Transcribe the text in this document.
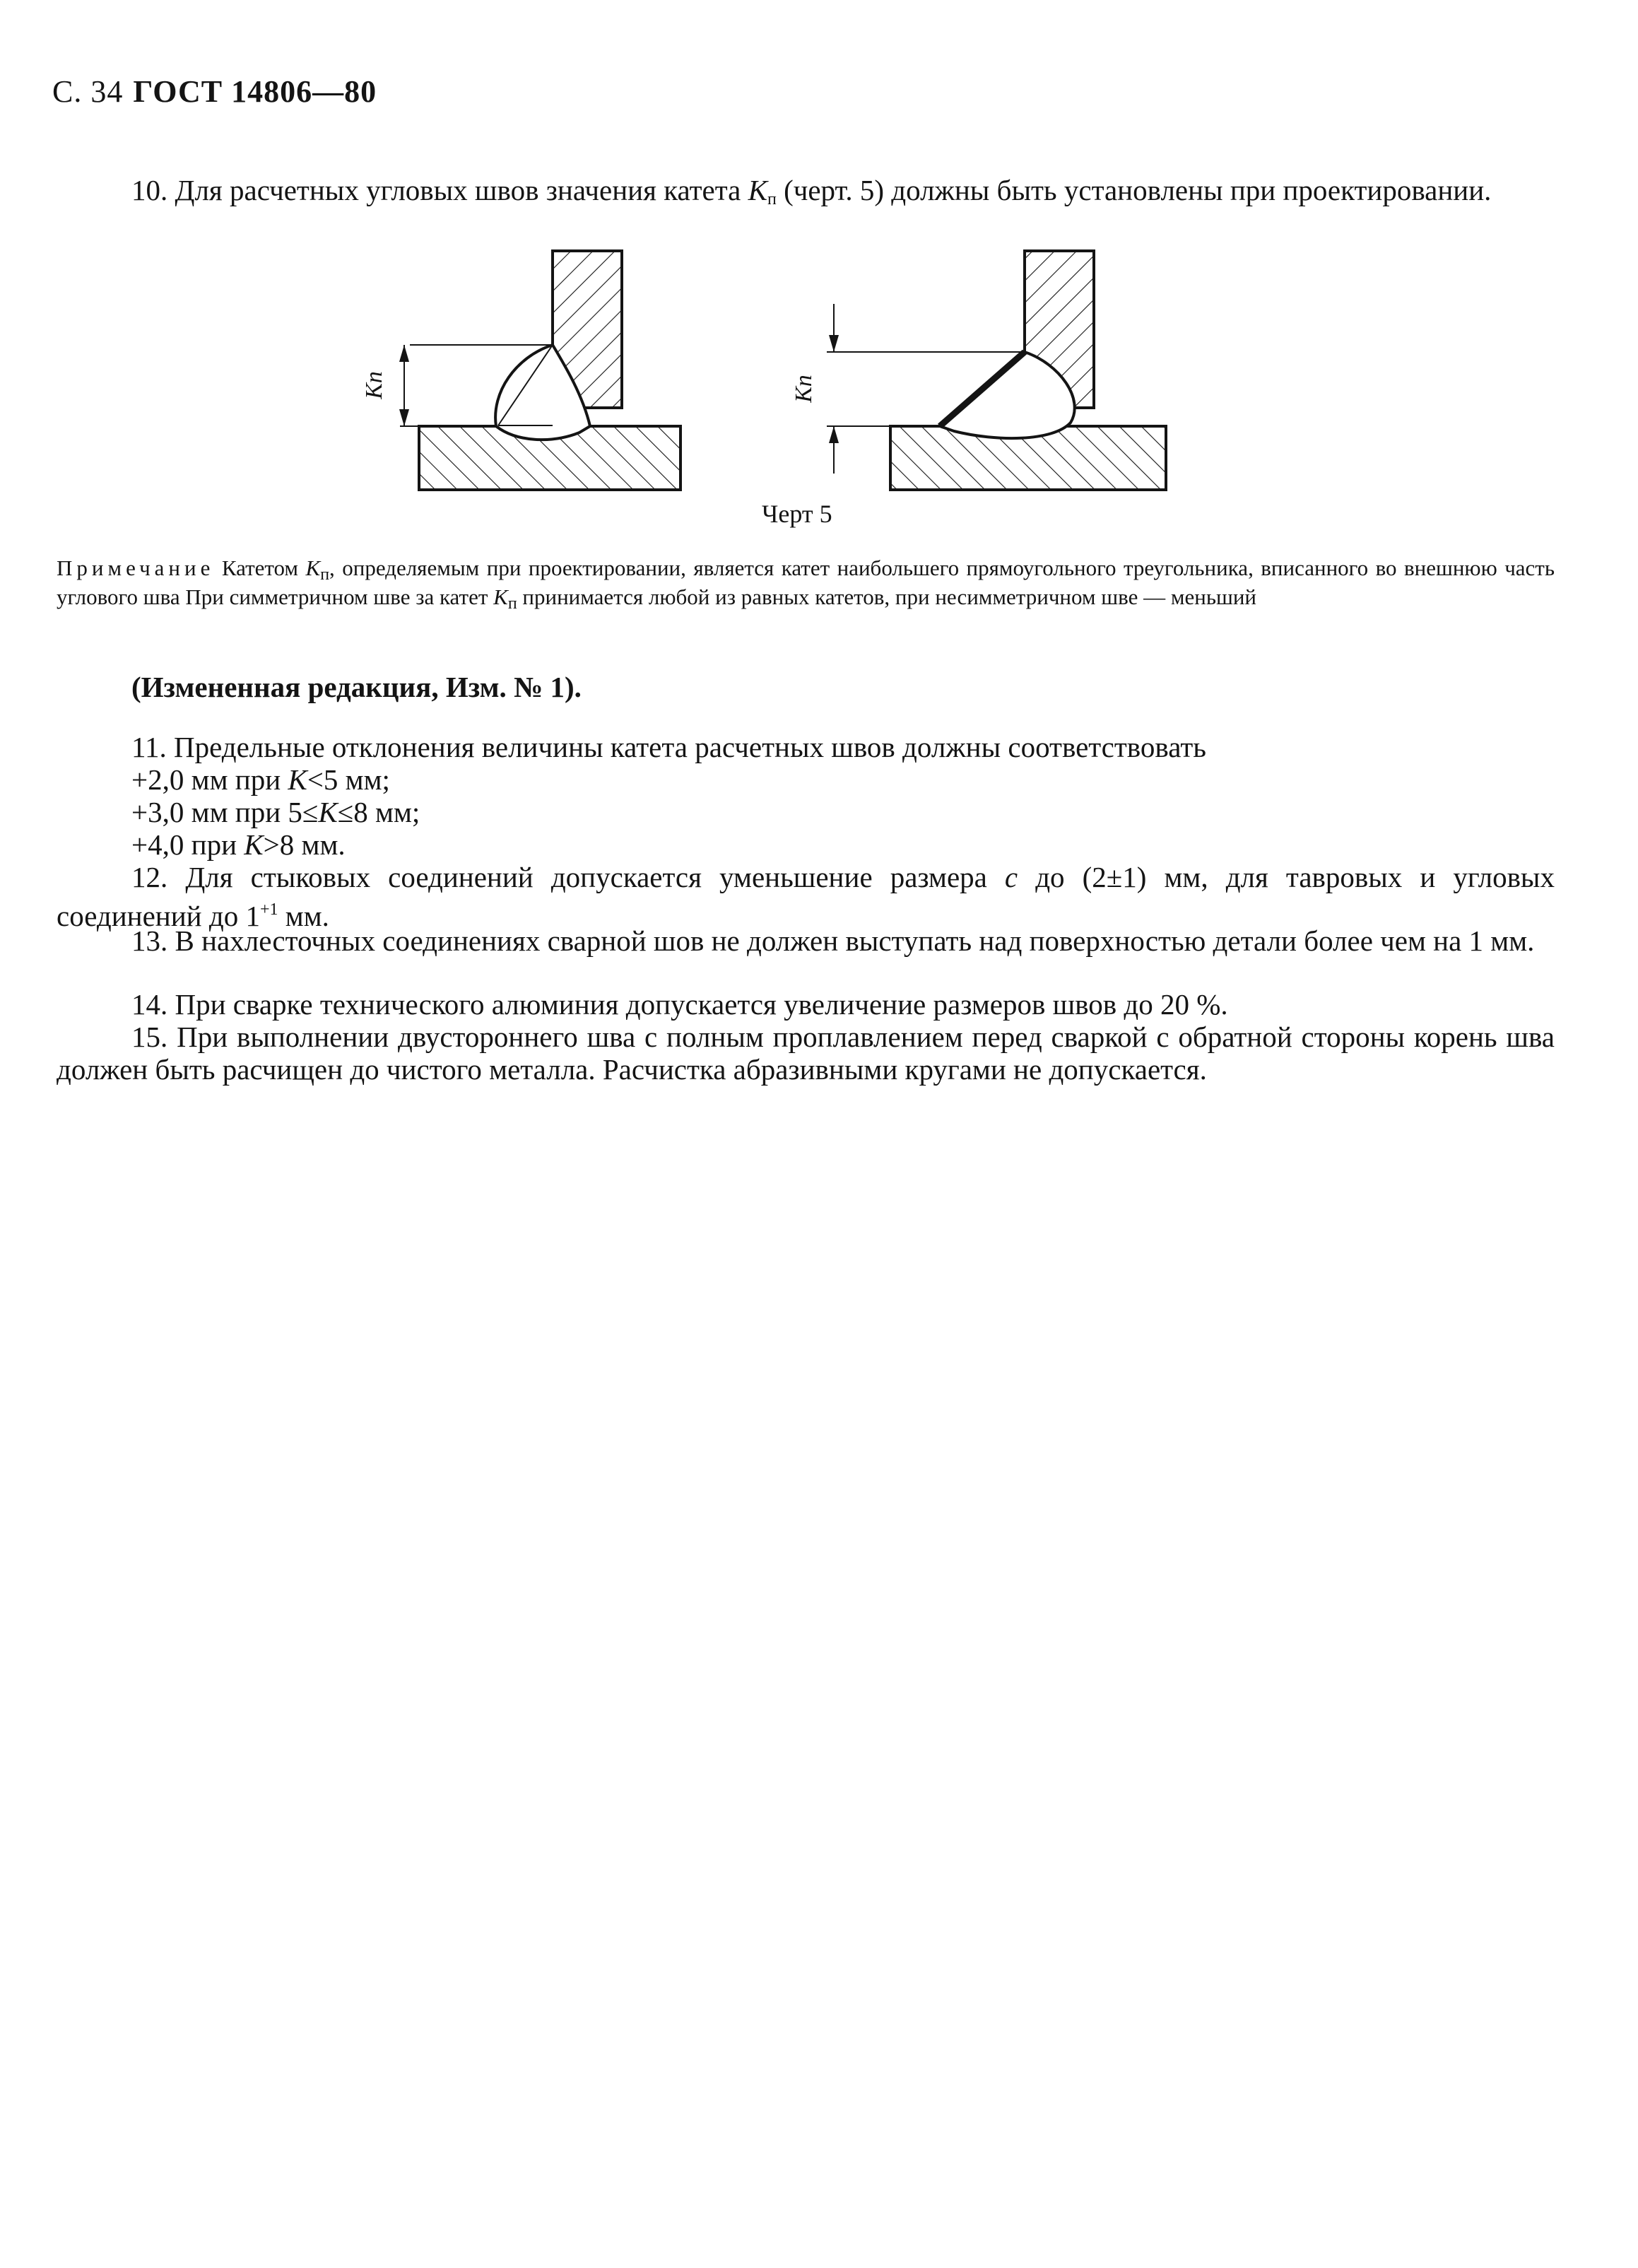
С. 34 ГОСТ 14806—80
10. Для расчетных угловых швов значения катета $K_п$ (черт. 5) должны быть установлены при проектировании.
Кп	Кп
Черт 5
Примечание Катетом $K_п$, определяемым при проектировании, является катет наибольшего прямоугольного треугольника, вписанного во внешнюю часть углового шва При симметричном шве за катет $K_п$ принимается любой из равных катетов, при несимметричном шве — меньший
(Измененная редакция, Изм. № 1).
11. Предельные отклонения величины катета расчетных швов должны соответствовать
+2,0 мм при K<5 мм;
+3,0 мм при 5≤K≤8 мм;
+4,0 при K>8 мм.
12. Для стыковых соединений допускается уменьшение размера c до (2±1) мм, для тавровых и угловых соединений до $1^{+1}$ мм.
13. В нахлесточных соединениях сварной шов не должен выступать над поверхностью детали более чем на 1 мм.
14. При сварке технического алюминия допускается увеличение размеров швов до 20 %.
15. При выполнении двустороннего шва с полным проплавлением перед сваркой с обратной стороны корень шва должен быть расчищен до чистого металла. Расчистка абразивными кругами не допускается.
